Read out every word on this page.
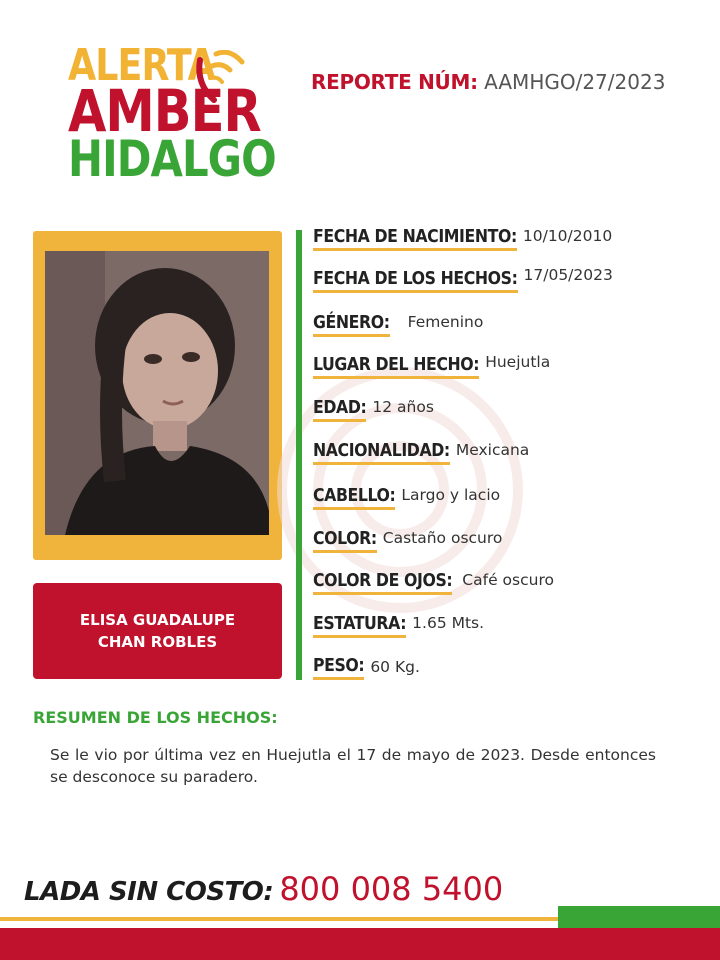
ALERTA
AMBER
HIDALGO
REPORTE NÚM: AAMHGO/27/2023
ELISA GUADALUPE
CHAN ROBLES
FECHA DE NACIMIENTO: 10/10/2010
FECHA DE LOS HECHOS: 17/05/2023
GÉNERO: Femenino
LUGAR DEL HECHO: Huejutla
EDAD: 12 años
NACIONALIDAD: Mexicana
CABELLO: Largo y lacio
COLOR: Castaño oscuro
COLOR DE OJOS: Café oscuro
ESTATURA: 1.65 Mts.
PESO: 60 Kg.
RESUMEN DE LOS HECHOS:
Se le vio por última vez en Huejutla el 17 de mayo de 2023. Desde entonces se desconoce su paradero.
LADA SIN COSTO: 800 008 5400
